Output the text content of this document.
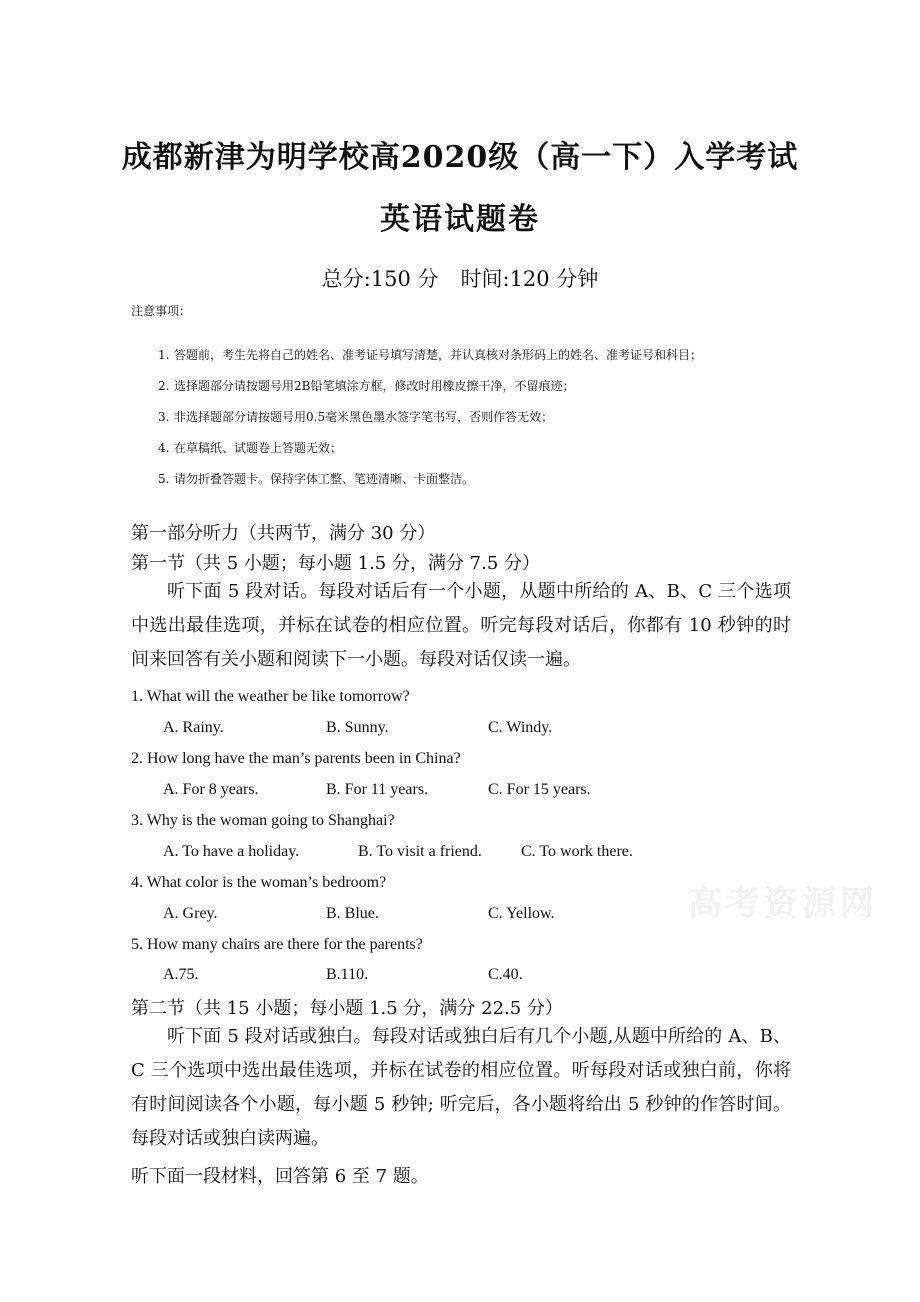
成都新津为明学校高2020级（高一下）入学考试
英语试题卷
总分:150 分 时间:120 分钟
注意事项：
1. 答题前，考生先将自己的姓名、准考证号填写清楚，并认真核对条形码上的姓名、准考证号和科目；
2. 选择题部分请按题号用2B铅笔填涂方框，修改时用橡皮擦干净，不留痕迹；
3. 非选择题部分请按题号用0.5毫米黑色墨水签字笔书写，否则作答无效；
4. 在草稿纸、试题卷上答题无效；
5. 请勿折叠答题卡。保持字体工整、笔迹清晰、卡面整洁。
第一部分听力（共两节，满分 30 分）
第一节（共 5 小题；每小题 1.5 分，满分 7.5 分）
听下面 5 段对话。每段对话后有一个小题，从题中所给的 A、B、C 三个选项中选出最佳选项，并标在试卷的相应位置。听完每段对话后，你都有 10 秒钟的时间来回答有关小题和阅读下一小题。每段对话仅读一遍。
1. What will the weather be like tomorrow?
A. Rainy.	B. Sunny.	C. Windy.
2. How long have the man’s parents been in China?
A. For 8 years.	B. For 11 years.	C. For 15 years.
3. Why is the woman going to Shanghai?
A. To have a holiday.	B. To visit a friend. C. To work there.
4. What color is the woman’s bedroom?
A. Grey.	B. Blue.	C. Yellow.
5. How many chairs are there for the parents?
A.75.	B.110.	C.40.
第二节（共 15 小题；每小题 1.5 分，满分 22.5 分）
听下面 5 段对话或独白。每段对话或独白后有几个小题,从题中所给的 A、B、C 三个选项中选出最佳选项，并标在试卷的相应位置。听每段对话或独白前，你将有时间阅读各个小题，每小题 5 秒钟; 听完后，各小题将给出 5 秒钟的作答时间。每段对话或独白读两遍。
听下面一段材料，回答第 6 至 7 题。
高考资源网
